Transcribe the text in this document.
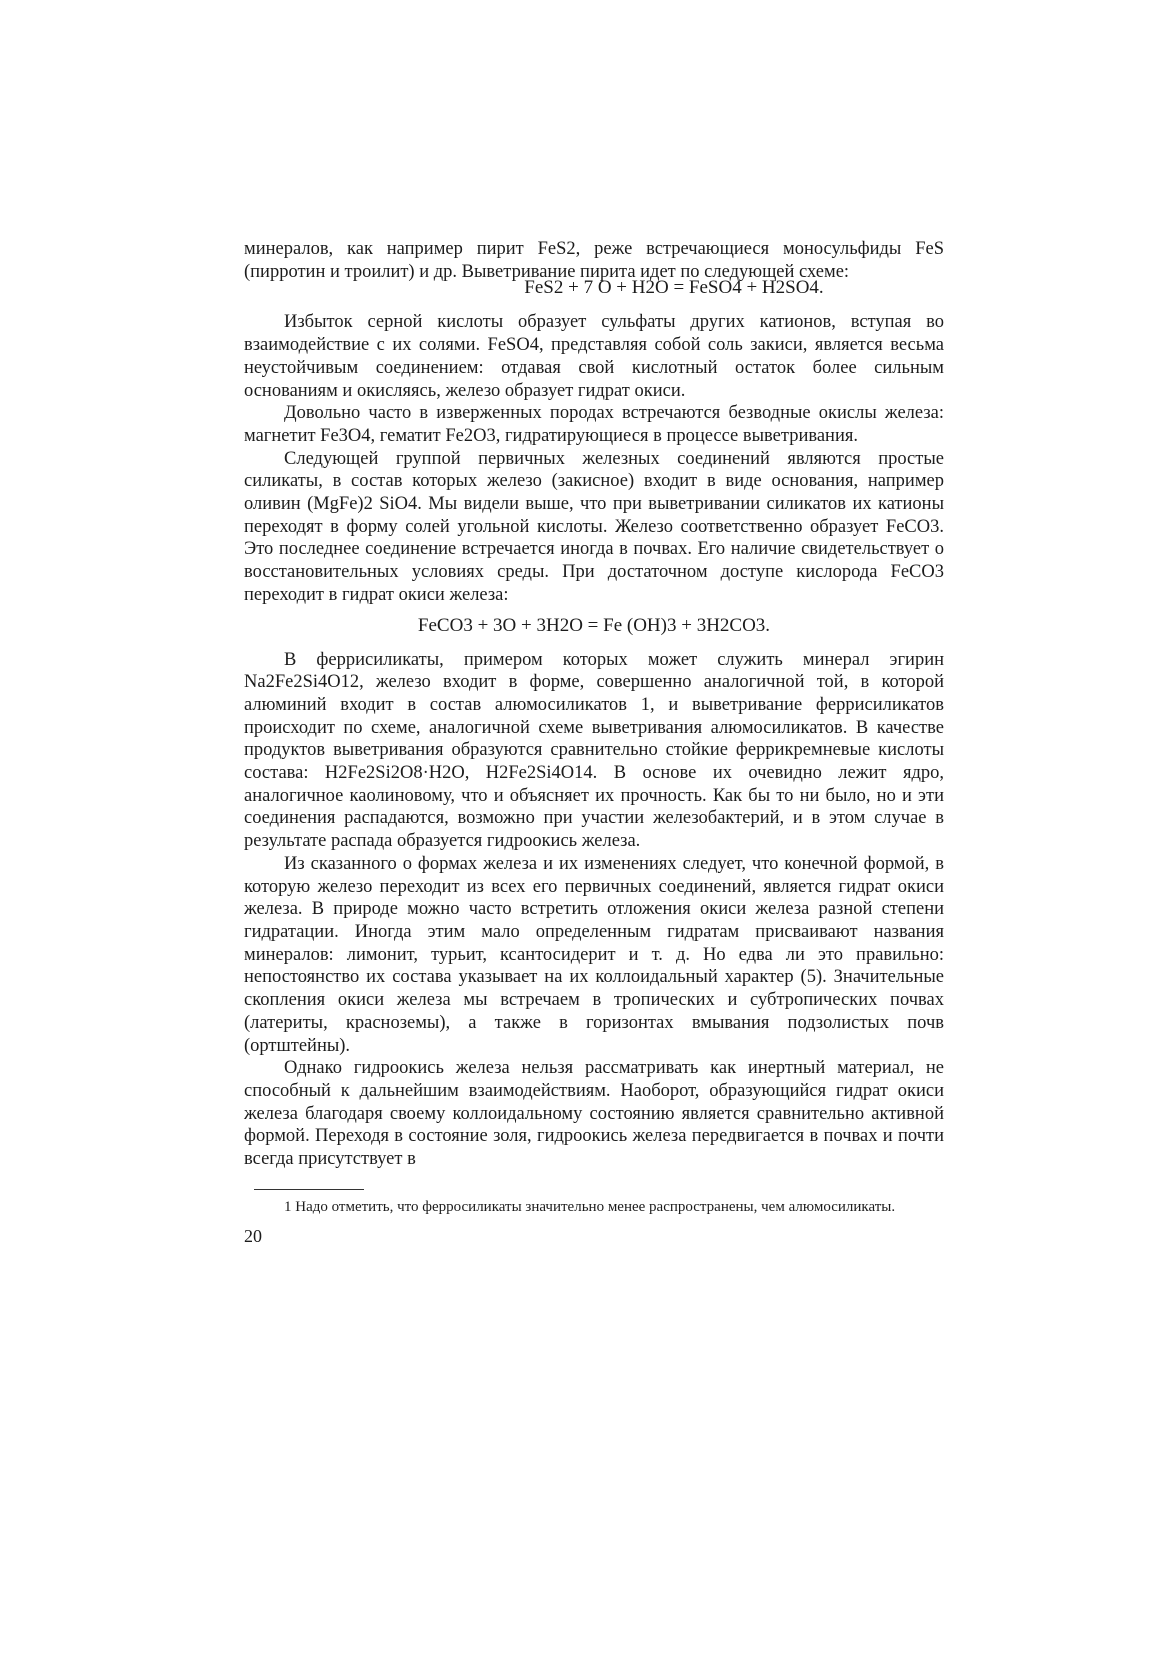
минералов, как например пирит FeS2, реже встречающиеся моносульфиды FeS (пирротин и троилит) и др. Выветривание пирита идет по следующей схеме:

FeS2 + 7 O + H2O = FeSO4 + H2SO4.

Избыток серной кислоты образует сульфаты других катионов, вступая во взаимодействие с их солями. FeSO4, представляя собой соль закиси, является весьма неустойчивым соединением: отдавая свой кислотный остаток более сильным основаниям и окисляясь, железо образует гидрат окиси.

Довольно часто в изверженных породах встречаются безводные окислы железа: магнетит Fe3O4, гематит Fe2O3, гидратирующиеся в процессе выветривания.

Следующей группой первичных железных соединений являются простые силикаты, в состав которых железо (закисное) входит в виде основания, например оливин (MgFe)2 SiO4. Мы видели выше, что при выветривании силикатов их катионы переходят в форму солей угольной кислоты. Железо соответственно образует FeCO3. Это последнее соединение встречается иногда в почвах. Его наличие свидетельствует о восстановительных условиях среды. При достаточном доступе кислорода FeCO3 переходит в гидрат окиси железа:

FeCO3 + 3O + 3H2O = Fe (OH)3 + 3H2CO3.

В феррисиликаты, примером которых может служить минерал эгирин Na2Fe2Si4O12, железо входит в форме, совершенно аналогичной той, в которой алюминий входит в состав алюмосиликатов 1, и выветривание феррисиликатов происходит по схеме, аналогичной схеме выветривания алюмосиликатов. В качестве продуктов выветривания образуются сравнительно стойкие феррикремневые кислоты состава: H2Fe2Si2O8·H2O, H2Fe2Si4O14. В основе их очевидно лежит ядро, аналогичное каолиновому, что и объясняет их прочность. Как бы то ни было, но и эти соединения распадаются, возможно при участии железобактерий, и в этом случае в результате распада образуется гидроокись железа.

Из сказанного о формах железа и их изменениях следует, что конечной формой, в которую железо переходит из всех его первичных соединений, является гидрат окиси железа. В природе можно часто встретить отложения окиси железа разной степени гидратации. Иногда этим мало определенным гидратам присваивают названия минералов: лимонит, турьит, ксантосидерит и т. д. Но едва ли это правильно: непостоянство их состава указывает на их коллоидальный характер (5). Значительные скопления окиси железа мы встречаем в тропических и субтропических почвах (латериты, красноземы), а также в горизонтах вмывания подзолистых почв (ортштейны).

Однако гидроокись железа нельзя рассматривать как инертный материал, не способный к дальнейшим взаимодействиям. Наоборот, образующийся гидрат окиси железа благодаря своему коллоидальному состоянию является сравнительно активной формой. Переходя в состояние золя, гидроокись железа передвигается в почвах и почти всегда присутствует в

1 Надо отметить, что ферросиликаты значительно менее распространены, чем алюмосиликаты.

20
